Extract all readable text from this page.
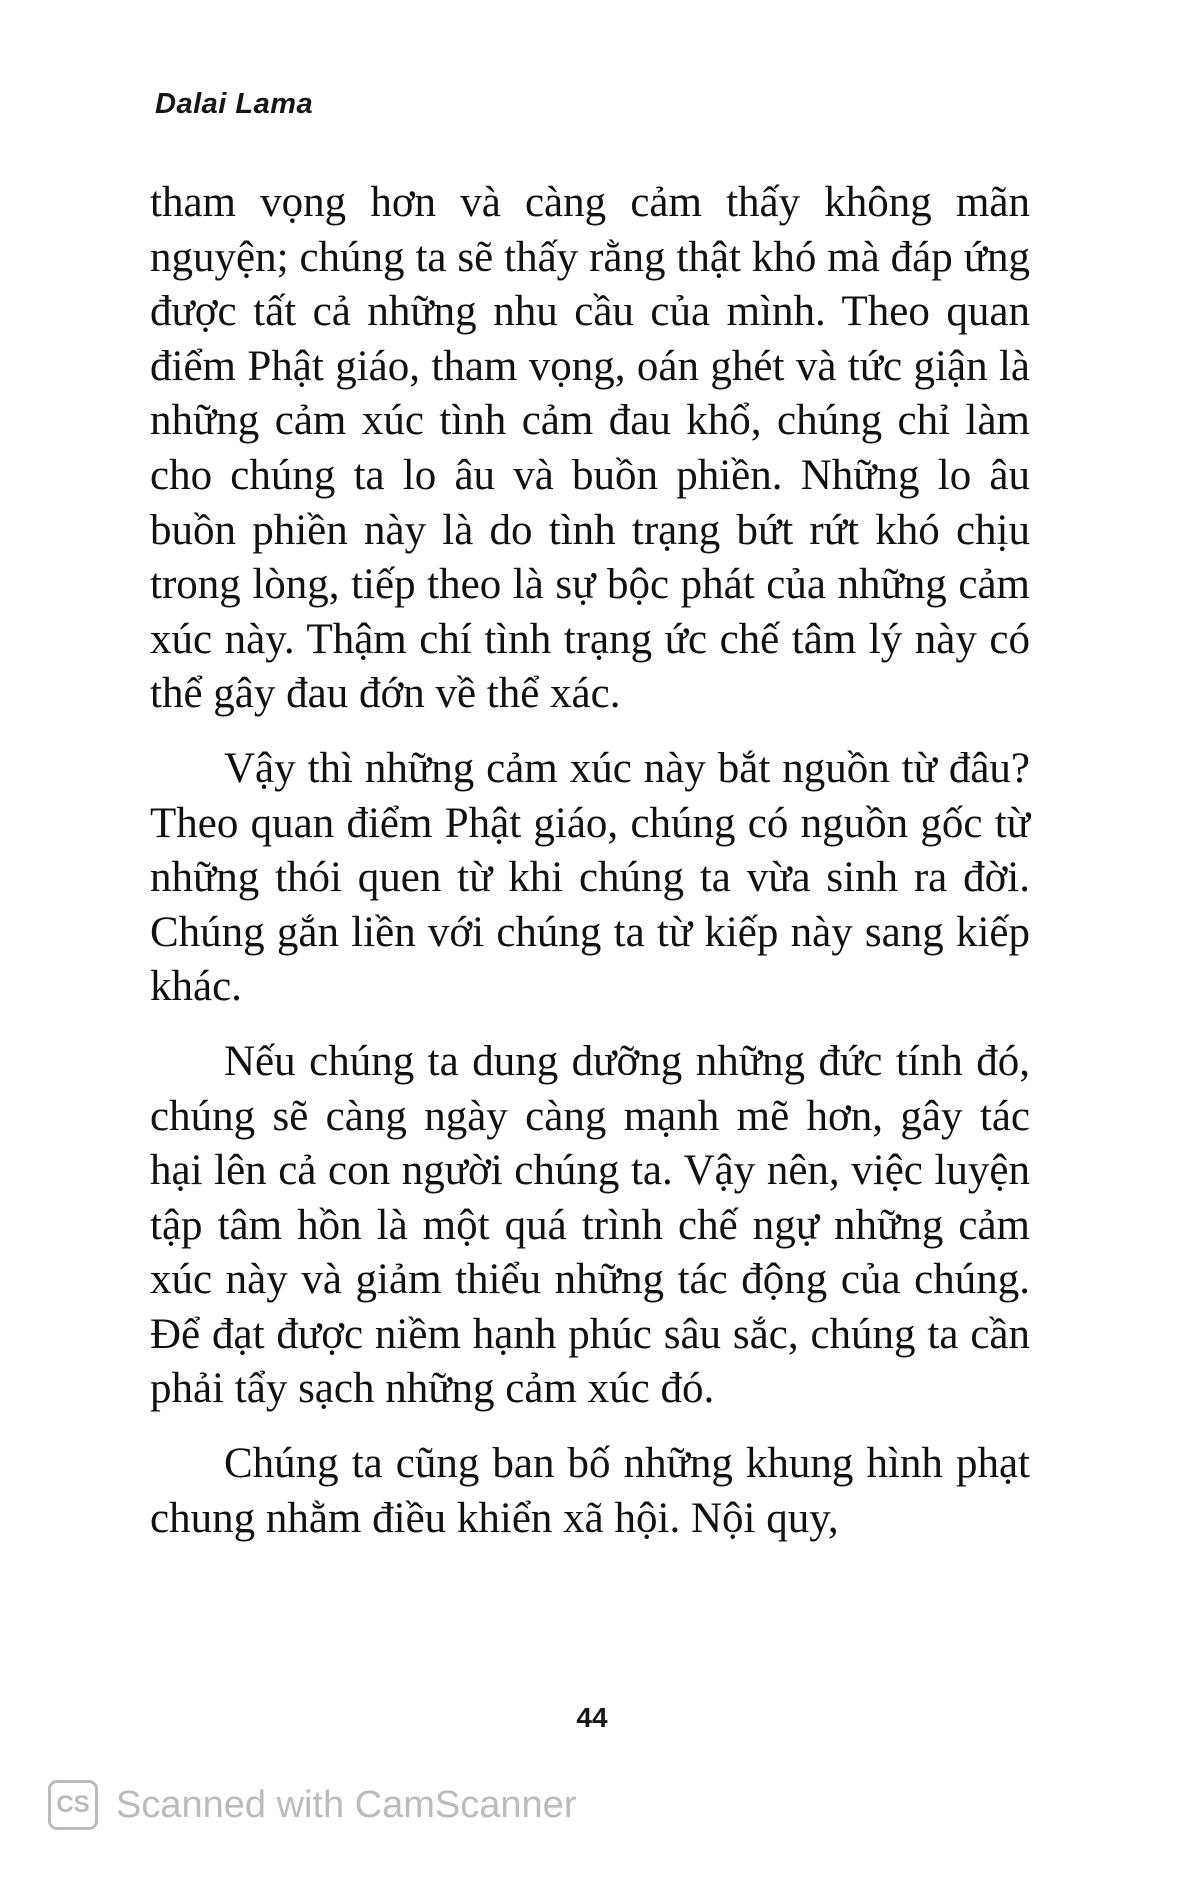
Dalai Lama

tham vọng hơn và càng cảm thấy không mãn nguyện; chúng ta sẽ thấy rằng thật khó mà đáp ứng được tất cả những nhu cầu của mình. Theo quan điểm Phật giáo, tham vọng, oán ghét và tức giận là những cảm xúc tình cảm đau khổ, chúng chỉ làm cho chúng ta lo âu và buồn phiền. Những lo âu buồn phiền này là do tình trạng bứt rứt khó chịu trong lòng, tiếp theo là sự bộc phát của những cảm xúc này. Thậm chí tình trạng ức chế tâm lý này có thể gây đau đớn về thể xác.

Vậy thì những cảm xúc này bắt nguồn từ đâu? Theo quan điểm Phật giáo, chúng có nguồn gốc từ những thói quen từ khi chúng ta vừa sinh ra đời. Chúng gắn liền với chúng ta từ kiếp này sang kiếp khác.

Nếu chúng ta dung dưỡng những đức tính đó, chúng sẽ càng ngày càng mạnh mẽ hơn, gây tác hại lên cả con người chúng ta. Vậy nên, việc luyện tập tâm hồn là một quá trình chế ngự những cảm xúc này và giảm thiểu những tác động của chúng. Để đạt được niềm hạnh phúc sâu sắc, chúng ta cần phải tẩy sạch những cảm xúc đó.

Chúng ta cũng ban bố những khung hình phạt chung nhằm điều khiển xã hội. Nội quy,

44
CS Scanned with CamScanner
